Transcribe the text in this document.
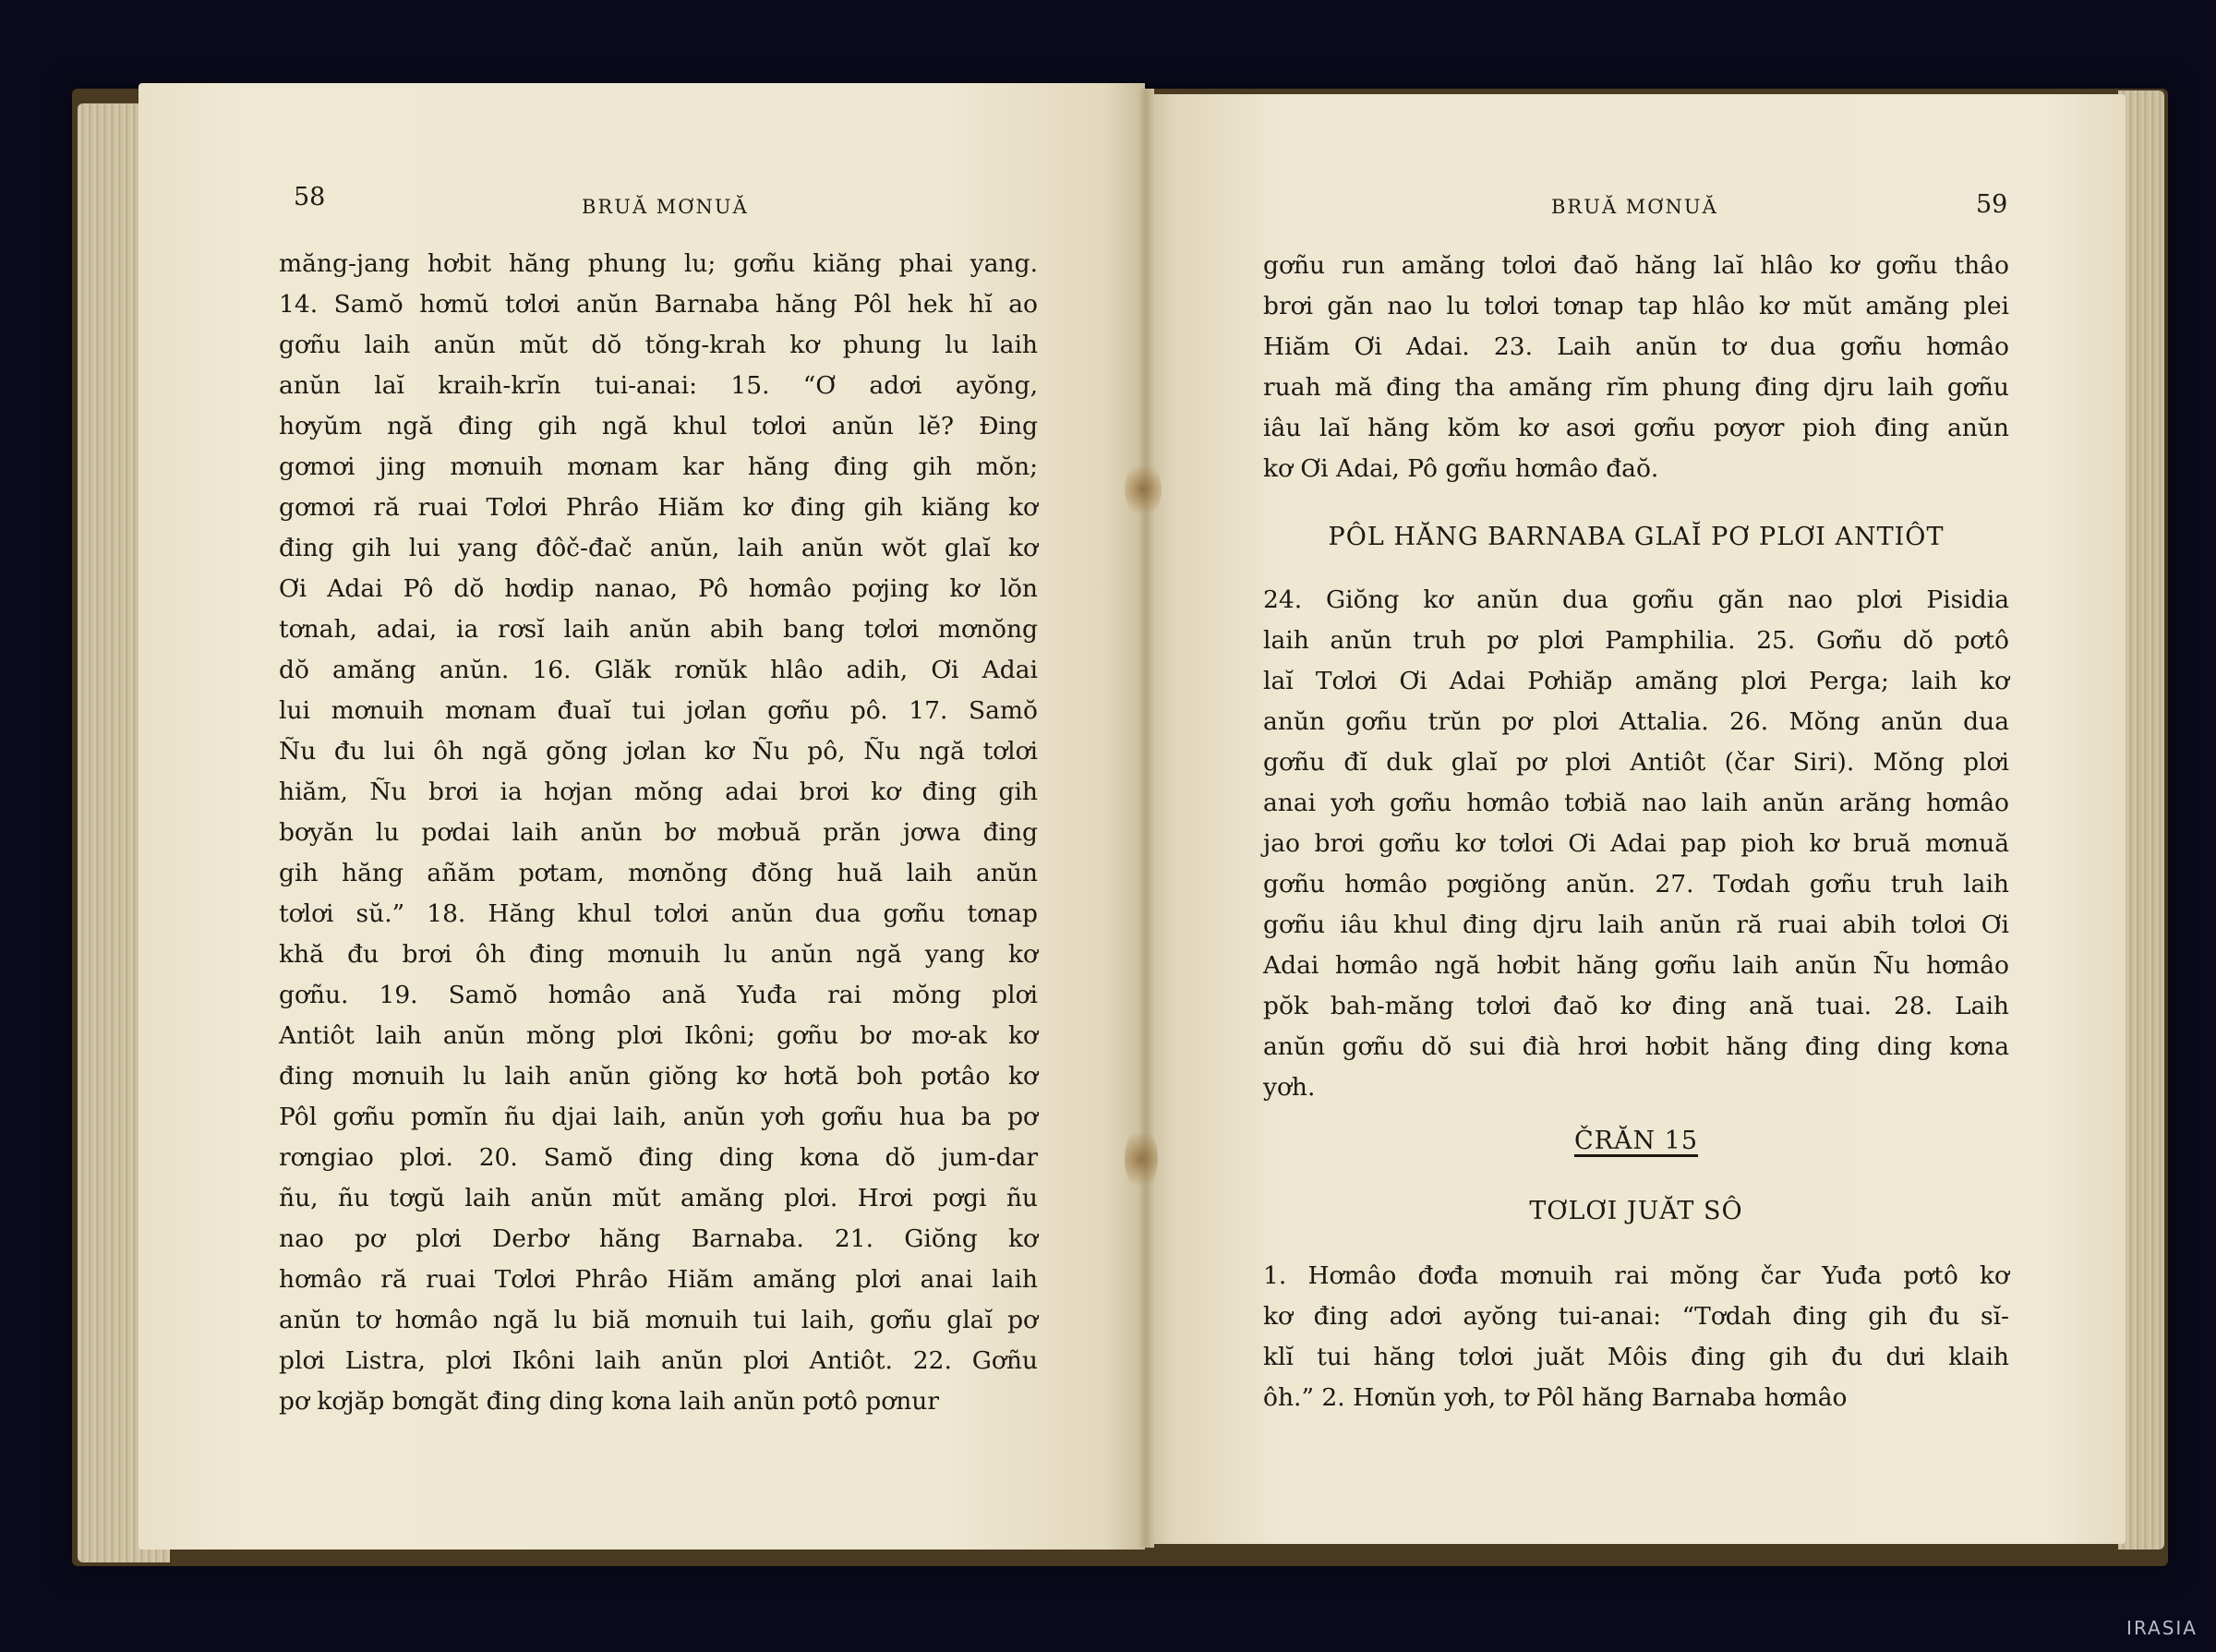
58	BRUĂ MƠNUĂ
măng-jang hơbit hăng phung lu; gơñu kiăng phai yang.
14. Samŏ hơmŭ tơlơi anŭn Barnaba hăng Pôl hek hĭ ao
gơñu laih anŭn mŭt dŏ tŏng-krah kơ phung lu laih
anŭn laĭ kraih-krĭn tui-anai: 15. “Ơ adơi ayŏng,
hơyŭm ngă đing gih ngă khul tơlơi anŭn lĕ? Đing
gơmơi jing mơnuih mơnam kar hăng đing gih mŏn;
gơmơi ră ruai Tơlơi Phrâo Hiăm kơ đing gih kiăng kơ
đing gih lui yang đôč-đač anŭn, laih anŭn wŏt glaĭ kơ
Ơi Adai Pô dŏ hơdip nanao, Pô hơmâo pơjing kơ lŏn
tơnah, adai, ia rơsĭ laih anŭn abih bang tơlơi mơnŏng
dŏ amăng anŭn. 16. Glăk rơnŭk hlâo adih, Ơi Adai
lui mơnuih mơnam đuaĭ tui jơlan gơñu pô. 17. Samŏ
Ñu đu lui ôh ngă gŏng jơlan kơ Ñu pô, Ñu ngă tơlơi
hiăm, Ñu brơi ia hơjan mŏng adai brơi kơ đing gih
bơyăn lu pơdai laih anŭn bơ mơbuă prăn jơwa đing
gih hăng añăm pơtam, mơnŏng đŏng huă laih anŭn
tơlơi sŭ.” 18. Hăng khul tơlơi anŭn dua gơñu tơnap
khă đu brơi ôh đing mơnuih lu anŭn ngă yang kơ
gơñu. 19. Samŏ hơmâo ană Yuđa rai mŏng plơi
Antiôt laih anŭn mŏng plơi Ikôni; gơñu bơ mơ-ak kơ
đing mơnuih lu laih anŭn giŏng kơ hơtă boh pơtâo kơ
Pôl gơñu pơmĭn ñu djai laih, anŭn yơh gơñu hua ba pơ
rơngiao plơi. 20. Samŏ đing ding kơna dŏ jum-dar
ñu, ñu tơgŭ laih anŭn mŭt amăng plơi. Hrơi pơgi ñu
nao pơ plơi Derbơ hăng Barnaba. 21. Giŏng kơ
hơmâo ră ruai Tơlơi Phrâo Hiăm amăng plơi anai laih
anŭn tơ hơmâo ngă lu biă mơnuih tui laih, gơñu glaĭ pơ
plơi Listra, plơi Ikôni laih anŭn plơi Antiôt. 22. Gơñu
pơ kơjăp bơngăt đing ding kơna laih anŭn pơtô pơnur
BRUĂ MƠNUĂ	59
gơñu run amăng tơlơi đaŏ hăng laĭ hlâo kơ gơñu thâo
brơi găn nao lu tơlơi tơnap tap hlâo kơ mŭt amăng plei
Hiăm Ơi Adai. 23. Laih anŭn tơ dua gơñu hơmâo
ruah mă đing tha amăng rĭm phung đing djru laih gơñu
iâu laĭ hăng kŏm kơ asơi gơñu pơyơr pioh đing anŭn
kơ Ơi Adai, Pô gơñu hơmâo đaŏ.
PÔL HĂNG BARNABA GLAĬ PƠ PLƠI ANTIÔT
24. Giŏng kơ anŭn dua gơñu găn nao plơi Pisidia
laih anŭn truh pơ plơi Pamphilia. 25. Gơñu dŏ pơtô
laĭ Tơlơi Ơi Adai Pơhiăp amăng plơi Perga; laih kơ
anŭn gơñu trŭn pơ plơi Attalia. 26. Mŏng anŭn dua
gơñu đĭ duk glaĭ pơ plơi Antiôt (čar Siri). Mŏng plơi
anai yơh gơñu hơmâo tơbiă nao laih anŭn arăng hơmâo
jao brơi gơñu kơ tơlơi Ơi Adai pap pioh kơ bruă mơnuă
gơñu hơmâo pơgiŏng anŭn. 27. Tơdah gơñu truh laih
gơñu iâu khul đing djru laih anŭn ră ruai abih tơlơi Ơi
Adai hơmâo ngă hơbit hăng gơñu laih anŭn Ñu hơmâo
pŏk bah-măng tơlơi đaŏ kơ đing ană tuai. 28. Laih
anŭn gơñu dŏ sui đià hrơi hơbit hăng đing ding kơna
yơh.
ČRĂN 15
TƠLƠI JUĂT SÔ
1. Hơmâo đơđa mơnuih rai mŏng čar Yuđa pơtô kơ
kơ đing adơi ayŏng tui-anai: “Tơdah đing gih đu sĭ-
klĭ tui hăng tơlơi juăt Môis đing gih đu dưi klaih
ôh.” 2. Hơnŭn yơh, tơ Pôl hăng Barnaba hơmâo
IRASIA
